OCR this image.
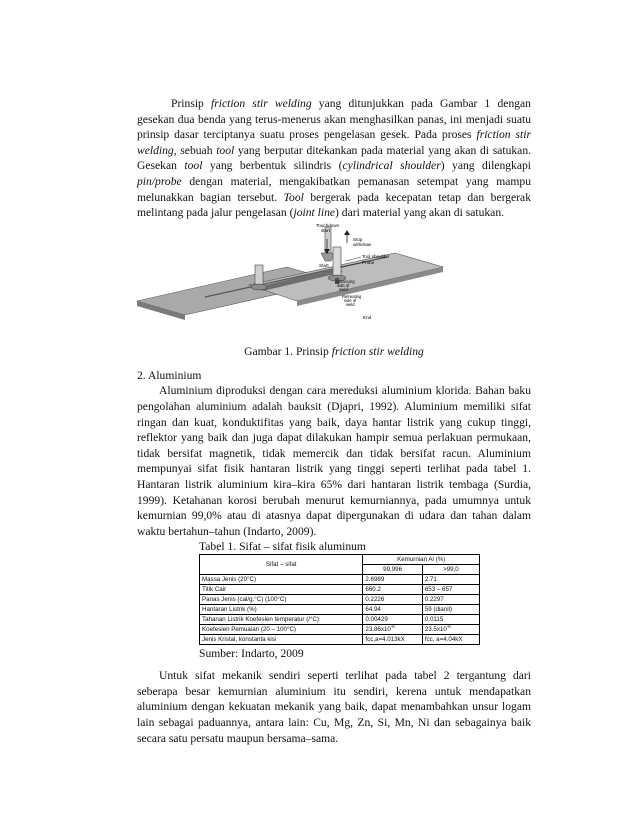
Prinsip friction stir welding yang ditunjukkan pada Gambar 1 dengan gesekan dua benda yang terus-menerus akan menghasilkan panas, ini menjadi suatu prinsip dasar terciptanya suatu proses pengelasan gesek. Pada proses friction stir welding, sebuah tool yang berputar ditekankan pada material yang akan di satukan. Gesekan tool yang berbentuk silindris (cylindrical shoulder) yang dilengkapi pin/probe dengan material, mengakibatkan pemanasan setempat yang mampu melunakkan bagian tersebut. Tool bergerak pada kecepatan tetap dan bergerak melintang pada jalur pengelasan (joint line) dari material yang akan di satukan.

Touchdown
start
Stop
withdraw
Tool shoulder
Probe
Start
Advancing
side of
weld
Retreating
side of
weld
End
Gambar 1. Prinsip friction stir welding
2. Aluminium

Aluminium diproduksi dengan cara mereduksi aluminium klorida. Bahan baku pengolahan aluminium adalah bauksit (Djapri, 1992). Aluminium memiliki sifat ringan dan kuat, konduktifitas yang baik, daya hantar listrik yang cukup tinggi, reflektor yang baik dan juga dapat dilakukan hampir semua perlakuan permukaan, tidak bersifat magnetik, tidak memercik dan tidak bersifat racun. Aluminium mempunyai sifat fisik hantaran listrik yang tinggi seperti terlihat pada tabel 1. Hantaran listrik aluminium kira–kira 65% dari hantaran listrik tembaga (Surdia, 1999). Ketahanan korosi berubah menurut kemurniannya, pada umumnya untuk kemurnian 99,0% atau di atasnya dapat dipergunakan di udara dan tahan dalam waktu bertahun–tahun (Indarto, 2009).

Tabel 1. Sifat – sifat fisik aluminum
Sifat – sifat	Kemurnian Al (%)	
	99,996	>99,0
Massa Jenis (20°C)	2.6989	2.71
Titik Cair	660.2	653 – 657
Panas Jenis (cal/g.°C) (100°C)	0.2226	0.2297
Hantaran Listrik (%)	64.94	59 (dianil)
Tahanan Listrik Koefesien temperatur (/°C)	0.00429	0.0115
Koefesien Pemuaian (20 – 100°C)	$23.86x10^{-6}$	$23.5x10^{-6}$
Jenis Kristal, konstanta kisi	fcc,a=4.013kX	fcc, a=4.04kX
Sumber: Indarto, 2009

Untuk sifat mekanik sendiri seperti terlihat pada tabel 2 tergantung dari seberapa besar kemurnian aluminium itu sendiri, kerena untuk mendapatkan aluminium dengan kekuatan mekanik yang baik, dapat menambahkan unsur logam lain sebagai paduannya, antara lain: Cu, Mg, Zn, Si, Mn, Ni dan sebagainya baik secara satu persatu maupun bersama–sama.
